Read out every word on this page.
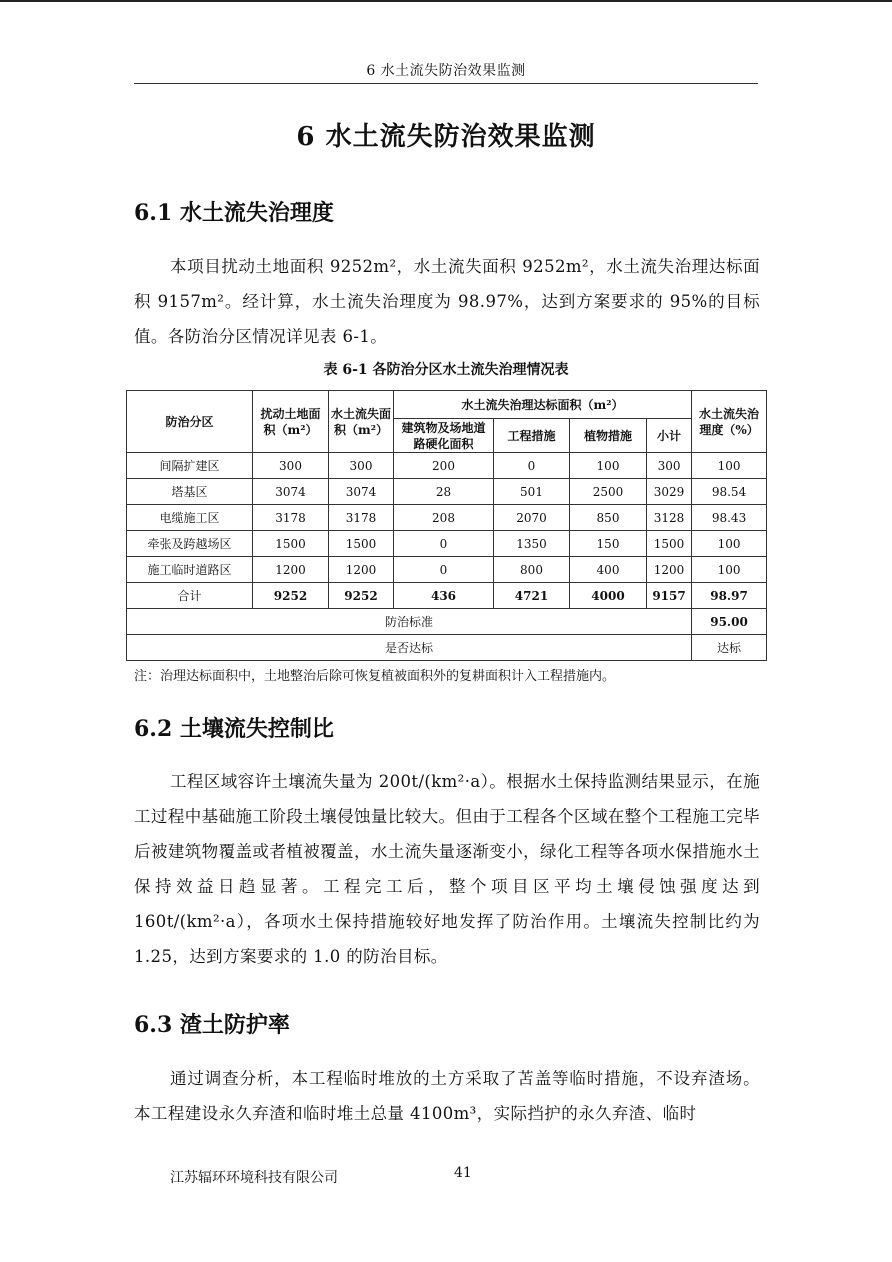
6 水土流失防治效果监测
6 水土流失防治效果监测
6.1 水土流失治理度

本项目扰动土地面积 9252m²，水土流失面积 9252m²，水土流失治理达标面积 9157m²。经计算，水土流失治理度为 98.97%，达到方案要求的 95%的目标值。各防治分区情况详见表 6-1。

表 6-1 各防治分区水土流失治理情况表
防治分区	扰动土地面积（m²）	水土流失面积（m²）	水土流失治理达标面积（m²）				水土流失治理度（%）
			建筑物及场地道路硬化面积	工程措施	植物措施	小计	
间隔扩建区	300	300	200	0	100	300	100
塔基区	3074	3074	28	501	2500	3029	98.54
电缆施工区	3178	3178	208	2070	850	3128	98.43
牵张及跨越场区	1500	1500	0	1350	150	1500	100
施工临时道路区	1200	1200	0	800	400	1200	100
合计	9252	9252	436	4721	4000	9157	98.97
防治标准							95.00
是否达标							达标
注：治理达标面积中，土地整治后除可恢复植被面积外的复耕面积计入工程措施内。
6.2 土壤流失控制比

工程区域容许土壤流失量为 200t/(km²·a）。根据水土保持监测结果显示，在施工过程中基础施工阶段土壤侵蚀量比较大。但由于工程各个区域在整个工程施工完毕后被建筑物覆盖或者植被覆盖，水土流失量逐渐变小，绿化工程等各项水保措施水土保持效益日趋显著。工程完工后，整个项目区平均土壤侵蚀强度达到 160t/(km²·a），各项水土保持措施较好地发挥了防治作用。土壤流失控制比约为 1.25，达到方案要求的 1.0 的防治目标。

6.3 渣土防护率

通过调查分析，本工程临时堆放的土方采取了苫盖等临时措施，不设弃渣场。本工程建设永久弃渣和临时堆土总量 4100m³，实际挡护的永久弃渣、临时

江苏辐环环境科技有限公司	41
